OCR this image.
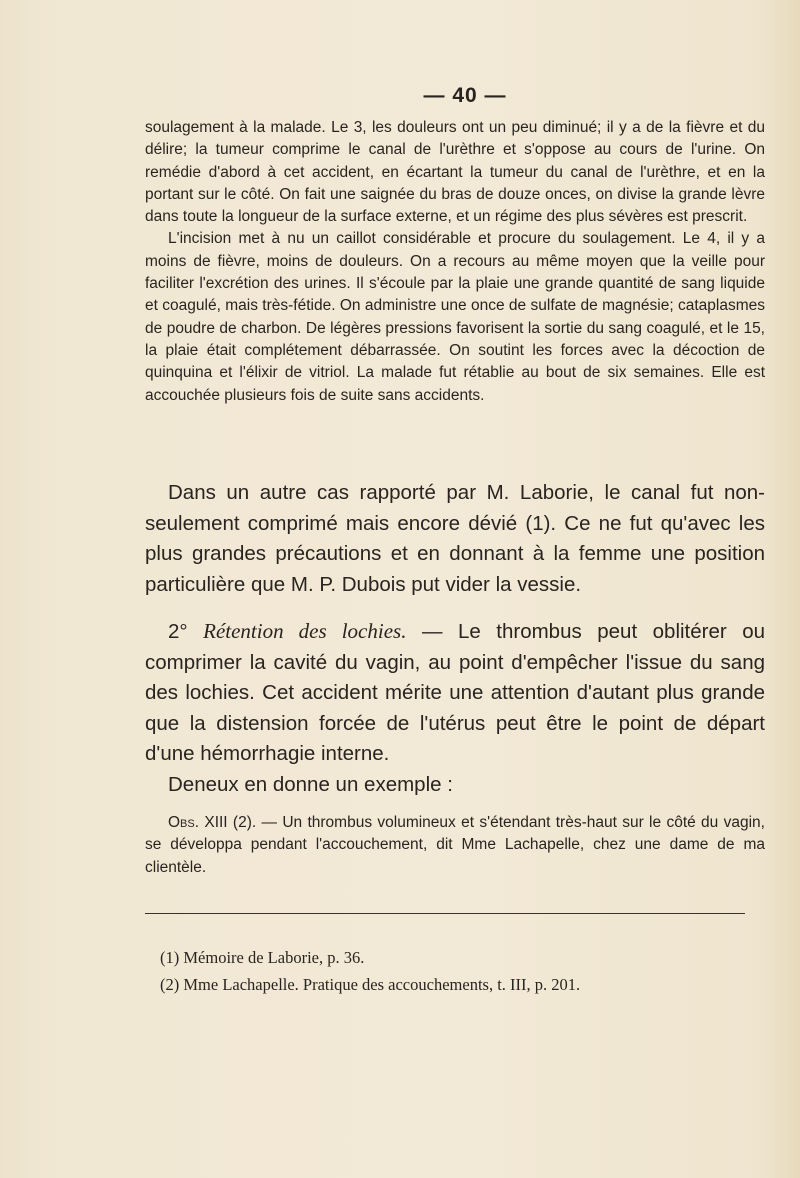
— 40 —

soulagement à la malade. Le 3, les douleurs ont un peu diminué; il y a de la fièvre et du délire; la tumeur comprime le canal de l'urèthre et s'oppose au cours de l'urine. On remédie d'abord à cet accident, en écartant la tumeur du canal de l'urèthre, et en la portant sur le côté. On fait une saignée du bras de douze onces, on divise la grande lèvre dans toute la longueur de la surface externe, et un régime des plus sévères est prescrit.

L'incision met à nu un caillot considérable et procure du soulagement. Le 4, il y a moins de fièvre, moins de douleurs. On a recours au même moyen que la veille pour faciliter l'excrétion des urines. Il s'écoule par la plaie une grande quantité de sang liquide et coagulé, mais très-fétide. On administre une once de sulfate de magnésie; cataplasmes de poudre de charbon. De légères pressions favorisent la sortie du sang coagulé, et le 15, la plaie était complétement débarrassée. On soutint les forces avec la décoction de quinquina et l'élixir de vitriol. La malade fut rétablie au bout de six semaines. Elle est accouchée plusieurs fois de suite sans accidents.

Dans un autre cas rapporté par M. Laborie, le canal fut non-seulement comprimé mais encore dévié (1). Ce ne fut qu'avec les plus grandes précautions et en donnant à la femme une position particulière que M. P. Dubois put vider la vessie.

2° Rétention des lochies. — Le thrombus peut oblitérer ou comprimer la cavité du vagin, au point d'empêcher l'issue du sang des lochies. Cet accident mérite une attention d'autant plus grande que la distension forcée de l'utérus peut être le point de départ d'une hémorrhagie interne.

Deneux en donne un exemple :

Obs. XIII (2). — Un thrombus volumineux et s'étendant très-haut sur le côté du vagin, se développa pendant l'accouchement, dit Mme Lachapelle, chez une dame de ma clientèle.

(1) Mémoire de Laborie, p. 36.
(2) Mme Lachapelle. Pratique des accouchements, t. III, p. 201.
